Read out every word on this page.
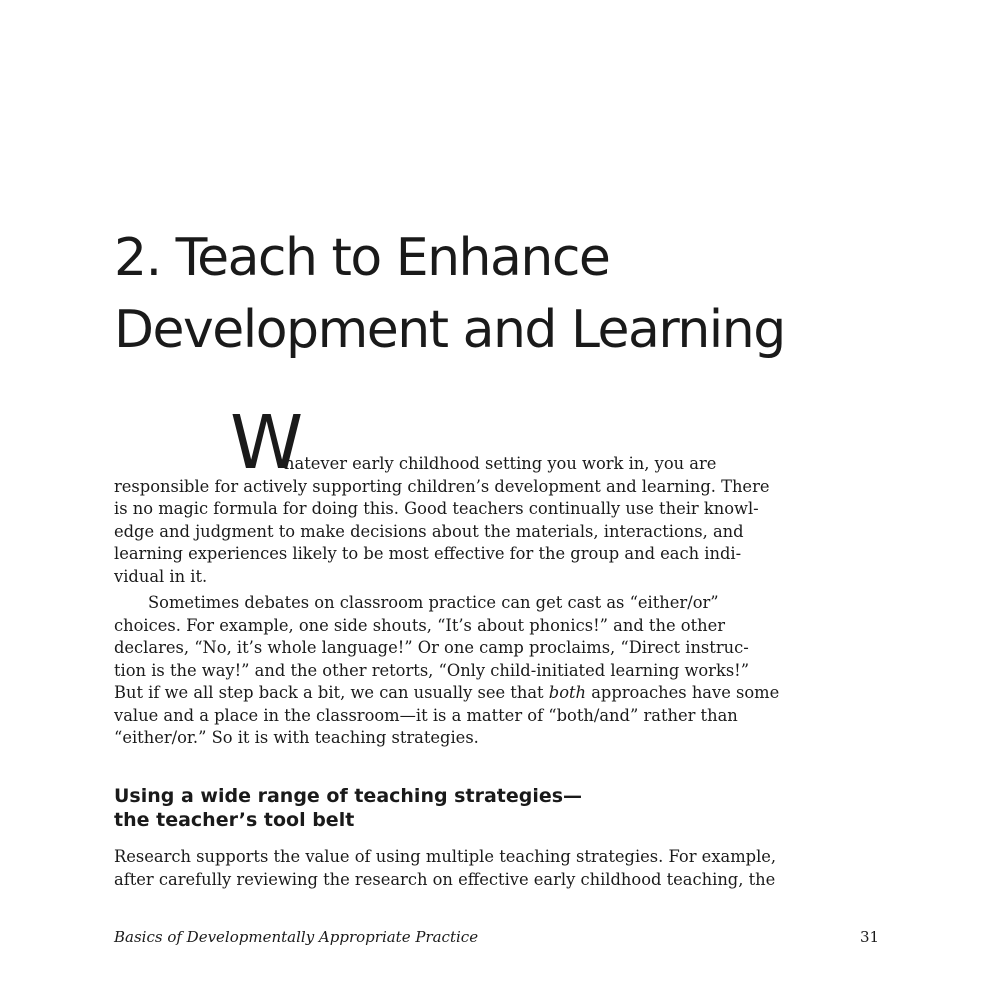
2. Teach to Enhance
Development and Learning
W

hatever early childhood setting you work in, you are
responsible for actively supporting children’s development and learning. There
is no magic formula for doing this. Good teachers continually use their knowl-
edge and judgment to make decisions about the materials, interactions, and
learning experiences likely to be most effective for the group and each indi-
vidual in it.

Sometimes debates on classroom practice can get cast as “either/or”
choices. For example, one side shouts, “It’s about phonics!” and the other
declares, “No, it’s whole language!” Or one camp proclaims, “Direct instruc-
tion is the way!” and the other retorts, “Only child-initiated learning works!”
But if we all step back a bit, we can usually see that both approaches have some
value and a place in the classroom—it is a matter of “both/and” rather than
“either/or.” So it is with teaching strategies.

Using a wide range of teaching strategies—
the teacher’s tool belt

Research supports the value of using multiple teaching strategies. For example,
after carefully reviewing the research on effective early childhood teaching, the

Basics of Developmentally Appropriate Practice	31
